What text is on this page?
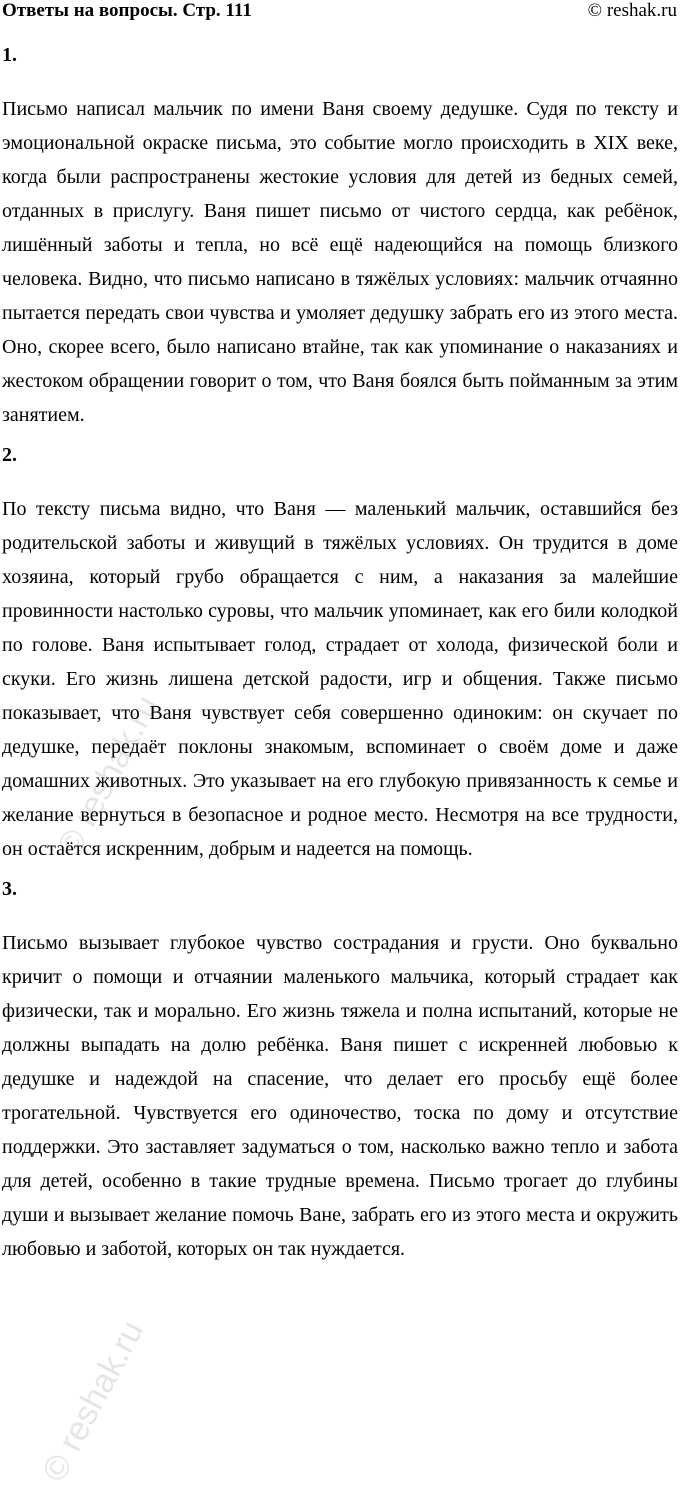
Ответы на вопросы. Стр. 111	© reshak.ru
1.

Письмо написал мальчик по имени Ваня своему дедушке. Судя по тексту и эмоциональной окраске письма, это событие могло происходить в XIX веке, когда были распространены жестокие условия для детей из бедных семей, отданных в прислугу. Ваня пишет письмо от чистого сердца, как ребёнок, лишённый заботы и тепла, но всё ещё надеющийся на помощь близкого человека. Видно, что письмо написано в тяжёлых условиях: мальчик отчаянно пытается передать свои чувства и умоляет дедушку забрать его из этого места. Оно, скорее всего, было написано втайне, так как упоминание о наказаниях и жестоком обращении говорит о том, что Ваня боялся быть пойманным за этим занятием.

2.

По тексту письма видно, что Ваня — маленький мальчик, оставшийся без родительской заботы и живущий в тяжёлых условиях. Он трудится в доме хозяина, который грубо обращается с ним, а наказания за малейшие провинности настолько суровы, что мальчик упоминает, как его били колодкой по голове. Ваня испытывает голод, страдает от холода, физической боли и скуки. Его жизнь лишена детской радости, игр и общения. Также письмо показывает, что Ваня чувствует себя совершенно одиноким: он скучает по дедушке, передаёт поклоны знакомым, вспоминает о своём доме и даже домашних животных. Это указывает на его глубокую привязанность к семье и желание вернуться в безопасное и родное место. Несмотря на все трудности, он остаётся искренним, добрым и надеется на помощь.

3.

Письмо вызывает глубокое чувство сострадания и грусти. Оно буквально кричит о помощи и отчаянии маленького мальчика, который страдает как физически, так и морально. Его жизнь тяжела и полна испытаний, которые не должны выпадать на долю ребёнка. Ваня пишет с искренней любовью к дедушке и надеждой на спасение, что делает его просьбу ещё более трогательной. Чувствуется его одиночество, тоска по дому и отсутствие поддержки. Это заставляет задуматься о том, насколько важно тепло и забота для детей, особенно в такие трудные времена. Письмо трогает до глубины души и вызывает желание помочь Ване, забрать его из этого места и окружить любовью и заботой, которых он так нуждается.

© reshak.ru
© reshak.ru
